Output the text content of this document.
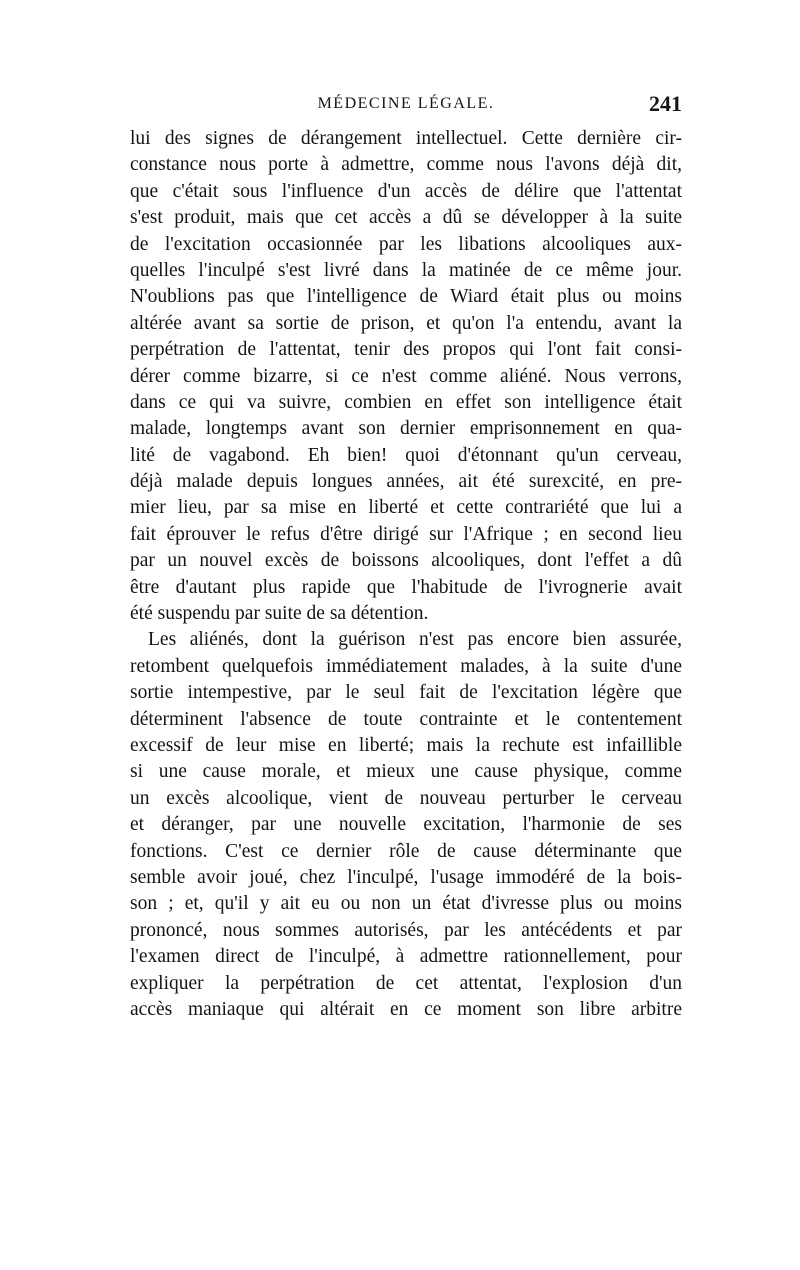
MÉDECINE LÉGALE.	241
lui des signes de dérangement intellectuel. Cette dernière cir-
constance nous porte à admettre, comme nous l'avons déjà dit,
que c'était sous l'influence d'un accès de délire que l'attentat
s'est produit, mais que cet accès a dû se développer à la suite
de l'excitation occasionnée par les libations alcooliques aux-
quelles l'inculpé s'est livré dans la matinée de ce même jour.
N'oublions pas que l'intelligence de Wiard était plus ou moins
altérée avant sa sortie de prison, et qu'on l'a entendu, avant la
perpétration de l'attentat, tenir des propos qui l'ont fait consi-
dérer comme bizarre, si ce n'est comme aliéné. Nous verrons,
dans ce qui va suivre, combien en effet son intelligence était
malade, longtemps avant son dernier emprisonnement en qua-
lité de vagabond. Eh bien! quoi d'étonnant qu'un cerveau,
déjà malade depuis longues années, ait été surexcité, en pre-
mier lieu, par sa mise en liberté et cette contrariété que lui a
fait éprouver le refus d'être dirigé sur l'Afrique ; en second lieu
par un nouvel excès de boissons alcooliques, dont l'effet a dû
être d'autant plus rapide que l'habitude de l'ivrognerie avait
été suspendu par suite de sa détention.
Les aliénés, dont la guérison n'est pas encore bien assurée,
retombent quelquefois immédiatement malades, à la suite d'une
sortie intempestive, par le seul fait de l'excitation légère que
déterminent l'absence de toute contrainte et le contentement
excessif de leur mise en liberté; mais la rechute est infaillible
si une cause morale, et mieux une cause physique, comme
un excès alcoolique, vient de nouveau perturber le cerveau
et déranger, par une nouvelle excitation, l'harmonie de ses
fonctions. C'est ce dernier rôle de cause déterminante que
semble avoir joué, chez l'inculpé, l'usage immodéré de la bois-
son ; et, qu'il y ait eu ou non un état d'ivresse plus ou moins
prononcé, nous sommes autorisés, par les antécédents et par
l'examen direct de l'inculpé, à admettre rationnellement, pour
expliquer la perpétration de cet attentat, l'explosion d'un
accès maniaque qui altérait en ce moment son libre arbitre
